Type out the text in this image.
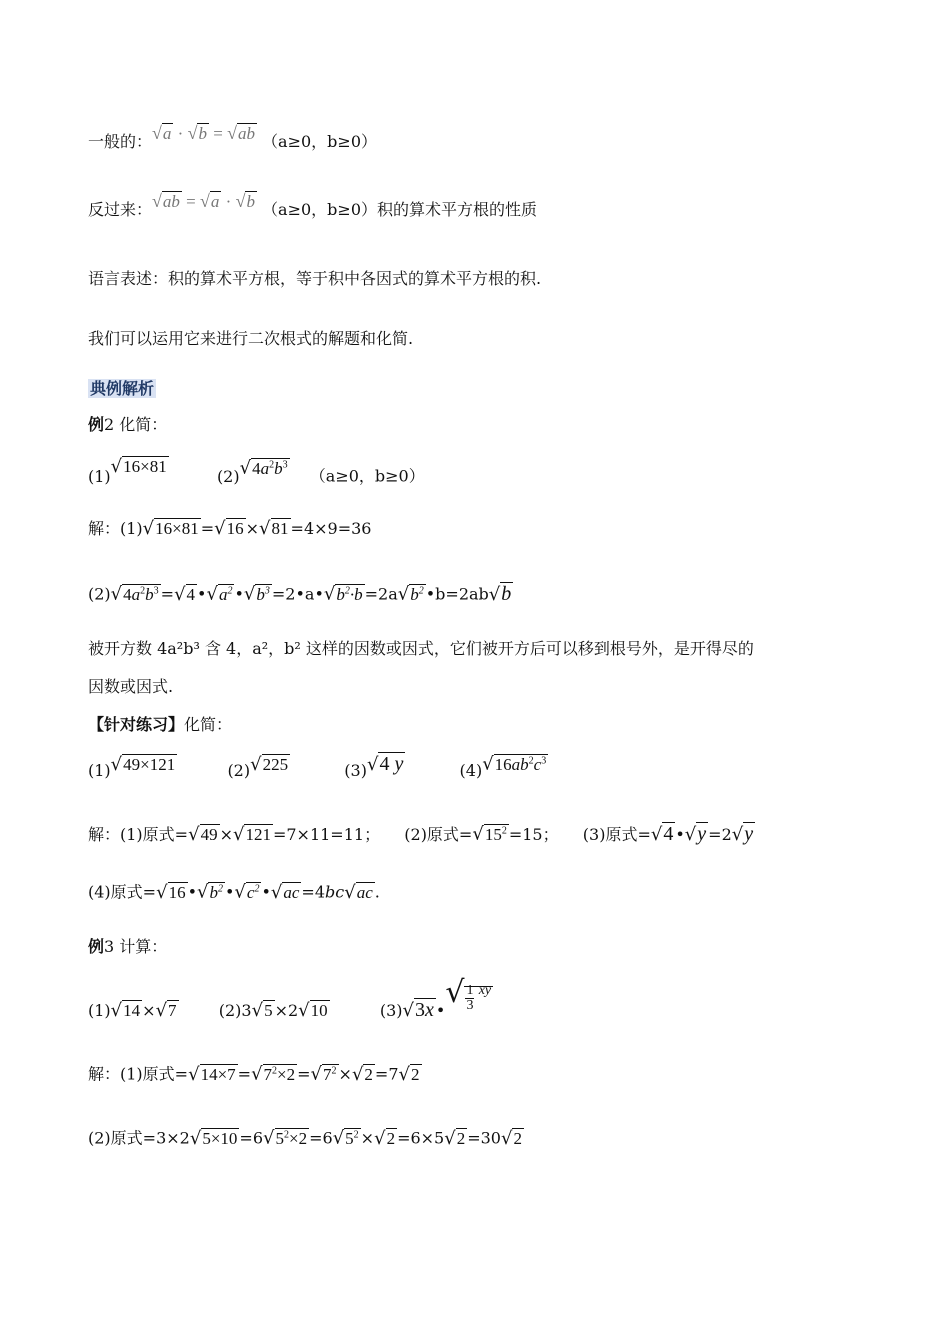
一般的：√a · √b = √ab （a≥0，b≥0）
反过来：√ab = √a · √b （a≥0，b≥0）积的算术平方根的性质
语言表述：积的算术平方根，等于积中各因式的算术平方根的积.
我们可以运用它来进行二次根式的解题和化简.
典例解析
例2 化简：
(1)√16×81  $(2)√4a^2b^3$  （a≥0，b≥0）
解：(1)√16×81 =√16 ×√81 =4×9=36
$(2)√4a^2b^3 =√4$ $•√a^2$ $•√b^3$ $=2•a•√b^2\cdot b =2a√b^2$ •b=2ab√b
被开方数 4a²b³ 含 4，a²，b² 这样的因数或因式，它们被开方后可以移到根号外，是开得尽的
因数或因式.
【针对练习】化简：
(1)√49×121	(2)√225	(3)√4 y	$(4)√16ab^2c^3$
解：(1)原式=√49 ×√121 =7×11=11； (2)原式$=√15^2 =15$； (3)原式=√4 •√y =2√y
(4)原式=√16 $•√b^2$ $•√c^2$ •√ac =4bc√ac .
例3 计算：
(1)√14 ×√7	(2)3√5 ×2√10	(3)√3x •√ $\frac{1}{3} ^{xy}$
解：(1)原式$=√14\times 7 =√7^2\times 2 =√7^2 \times√2 =7√2$
(2)原式$=3\times 2√5\times 10 =6√5^2\times 2 =6√5^2 \times√2 =6\times 5√2 =30√2$
